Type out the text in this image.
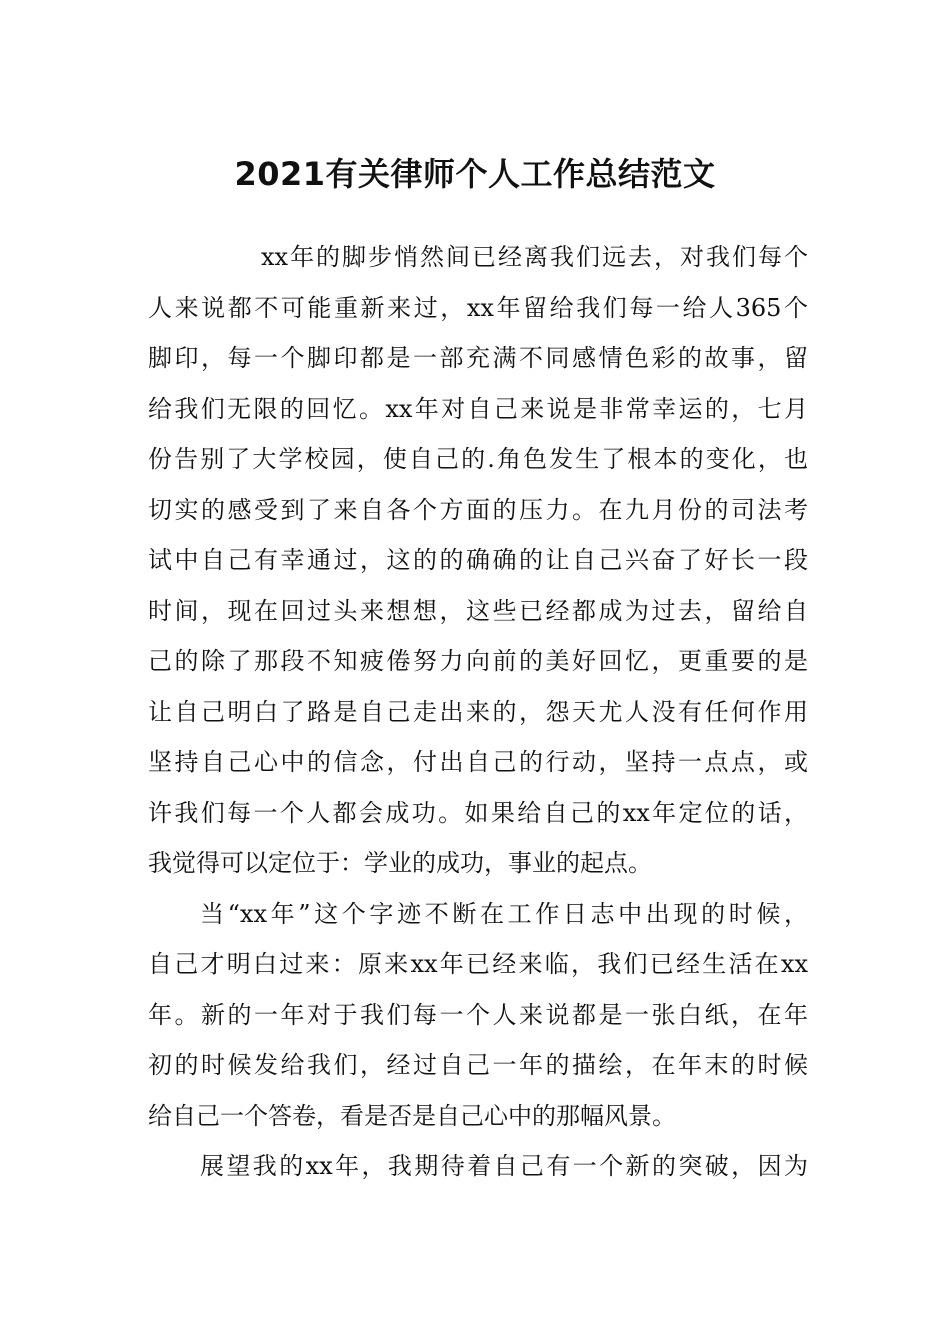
2021有关律师个人工作总结范文
xx年的脚步悄然间已经离我们远去，对我们每个
人来说都不可能重新来过，xx年留给我们每一给人365个
脚印，每一个脚印都是一部充满不同感情色彩的故事，留
给我们无限的回忆。xx年对自己来说是非常幸运的，七月
份告别了大学校园，使自己的.角色发生了根本的变化，也
切实的感受到了来自各个方面的压力。在九月份的司法考
试中自己有幸通过，这的的确确的让自己兴奋了好长一段
时间，现在回过头来想想，这些已经都成为过去，留给自
己的除了那段不知疲倦努力向前的美好回忆，更重要的是
让自己明白了路是自己走出来的，怨天尤人没有任何作用
坚持自己心中的信念，付出自己的行动，坚持一点点，或
许我们每一个人都会成功。如果给自己的xx年定位的话，
我觉得可以定位于：学业的成功，事业的起点。
当“xx年”这个字迹不断在工作日志中出现的时候，
自己才明白过来：原来xx年已经来临，我们已经生活在xx
年。新的一年对于我们每一个人来说都是一张白纸，在年
初的时候发给我们，经过自己一年的描绘，在年末的时候
给自己一个答卷，看是否是自己心中的那幅风景。
展望我的xx年，我期待着自己有一个新的突破，因为
